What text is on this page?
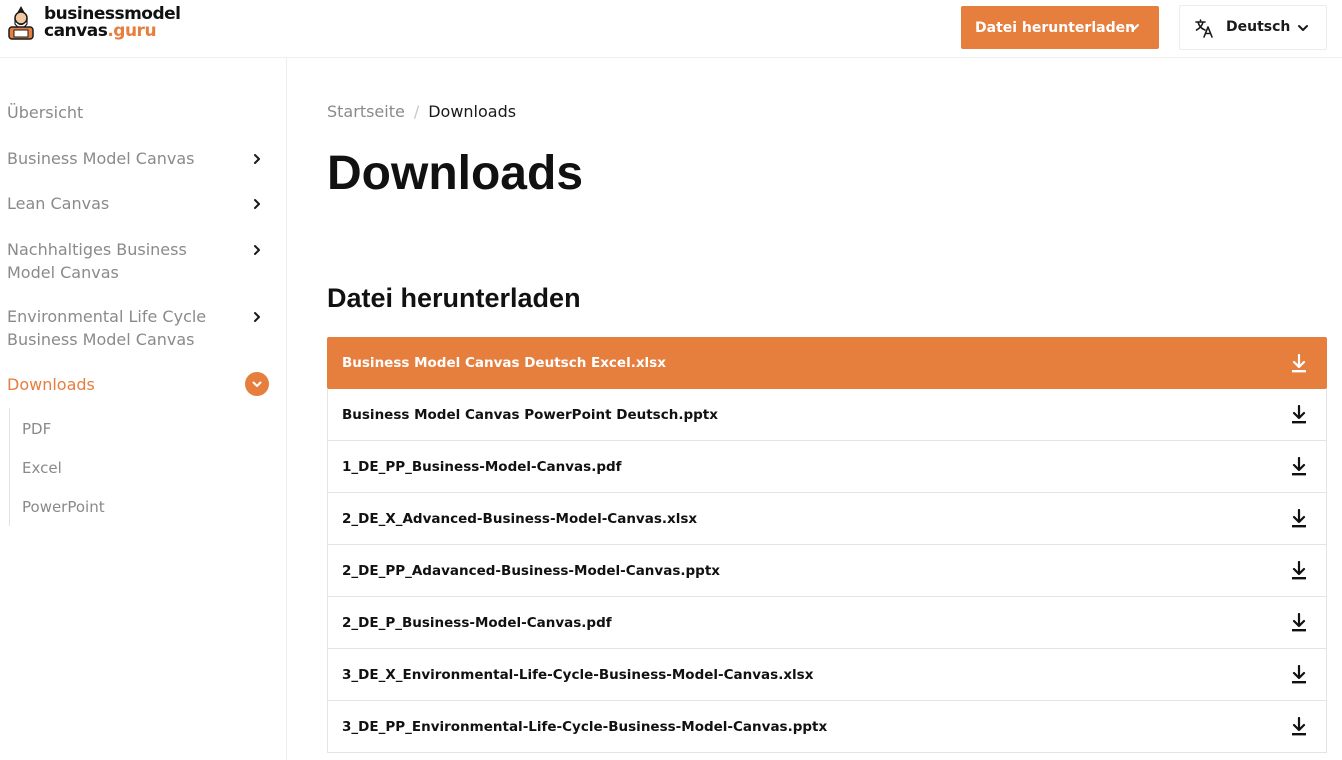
businessmodel
canvas.guru	Datei herunterladen	Deutsch
Übersicht
Business Model Canvas
Lean Canvas
Nachhaltiges Business Model Canvas
Environmental Life Cycle Business Model Canvas
Downloads
PDF
Excel
PowerPoint
Startseite / Downloads
Downloads
Datei herunterladen
Business Model Canvas Deutsch Excel.xlsx
Business Model Canvas PowerPoint Deutsch.pptx
1_DE_PP_Business-Model-Canvas.pdf
2_DE_X_Advanced-Business-Model-Canvas.xlsx
2_DE_PP_Adavanced-Business-Model-Canvas.pptx
2_DE_P_Business-Model-Canvas.pdf
3_DE_X_Environmental-Life-Cycle-Business-Model-Canvas.xlsx
3_DE_PP_Environmental-Life-Cycle-Business-Model-Canvas.pptx
